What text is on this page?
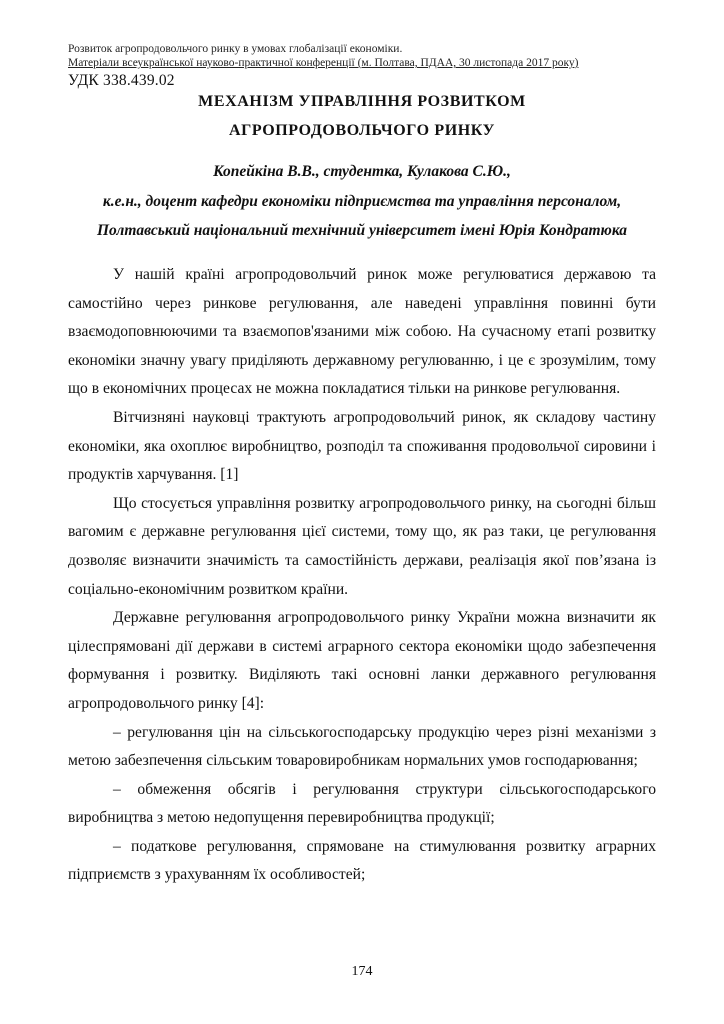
Розвиток агропродовольчого ринку в умовах глобалізації економіки.
Матеріали всеукраїнської науково-практичної конференції (м. Полтава, ПДАА, 30 листопада 2017 року)
УДК 338.439.02
МЕХАНІЗМ УПРАВЛІННЯ РОЗВИТКОМ
АГРОПРОДОВОЛЬЧОГО РИНКУ
Копейкіна В.В., студентка, Кулакова С.Ю.,
к.е.н., доцент кафедри економіки підприємства та управління персоналом,
Полтавський національний технічний університет імені Юрія Кондратюка

У нашій країні агропродовольчий ринок може регулюватися державою та самостійно через ринкове регулювання, але наведені управління повинні бути взаємодоповнюючими та взаємопов'язаними між собою. На сучасному етапі розвитку економіки значну увагу приділяють державному регулюванню, і це є зрозумілим, тому що в економічних процесах не можна покладатися тільки на ринкове регулювання.

Вітчизняні науковці трактують агропродовольчий ринок, як складову частину економіки, яка охоплює виробництво, розподіл та споживання продовольчої сировини і продуктів харчування. [1]

Що стосується управління розвитку агропродовольчого ринку, на сьогодні більш вагомим є державне регулювання цієї системи, тому що, як раз таки, це регулювання дозволяє визначити значимість та самостійність держави, реалізація якої пов’язана із соціально-економічним розвитком країни.

Державне регулювання агропродовольчого ринку України можна визначити як цілеспрямовані дії держави в системі аграрного сектора економіки щодо забезпечення формування і розвитку. Виділяють такі основні ланки державного регулювання агропродовольчого ринку [4]:

– регулювання цін на сільськогосподарську продукцію через різні механізми з метою забезпечення сільським товаровиробникам нормальних умов господарювання;

– обмеження обсягів і регулювання структури сільськогосподарського виробництва з метою недопущення перевиробництва продукції;

– податкове регулювання, спрямоване на стимулювання розвитку аграрних підприємств з урахуванням їх особливостей;

174
